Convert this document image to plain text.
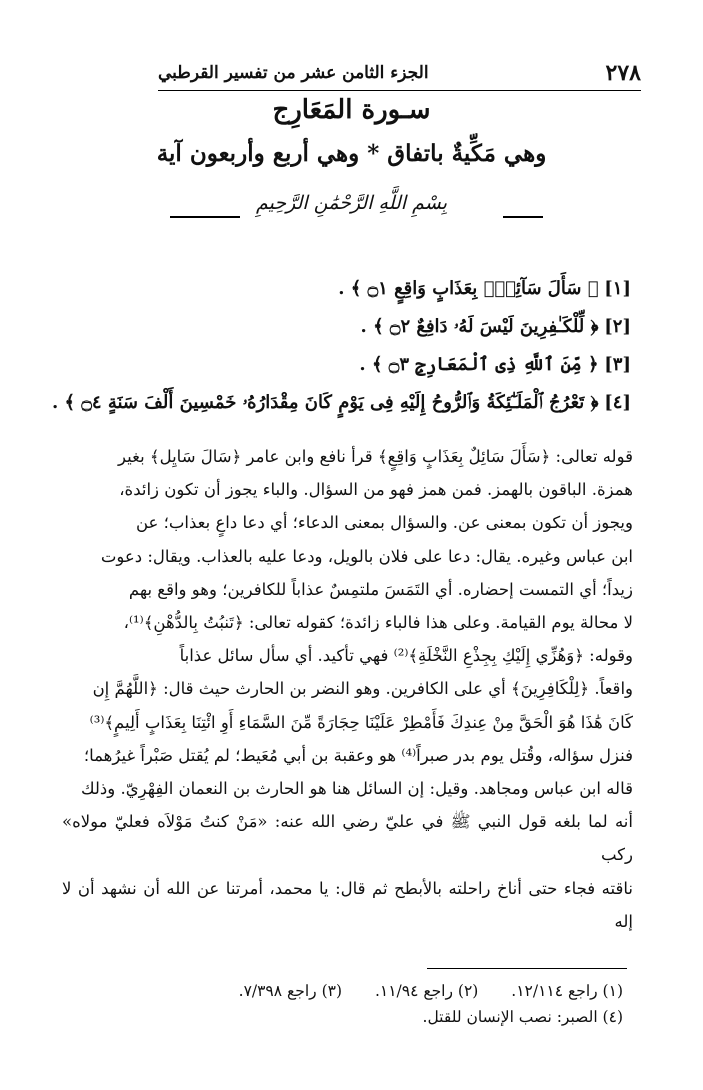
٢٧٨
الجزء الثامن عشر من تفسير القرطبي
سـورة المَعَارِج
وهي مَكِّيةٌ باتفاق * وهي أربع وأربعون آية
بِسْمِ اللَّهِ الرَّحْمَٰنِ الرَّحِيمِ
[١] ﴿ سَأَلَ سَآئِلٌۢ بِعَذَابٍ وَاقِعٍ ۝١ ﴾ .
[٢] ﴿ لِّلْكَـٰفِرِينَ لَيْسَ لَهُۥ دَافِعٌ ۝٢ ﴾ .
[٣] ﴿ مِّنَ ٱللَّهِ ذِى ٱلْمَعَارِجِ ۝٣ ﴾ .
[٤] ﴿ تَعْرُجُ ٱلْمَلَـٰٓئِكَةُ وَٱلرُّوحُ إِلَيْهِ فِى يَوْمٍ كَانَ مِقْدَارُهُۥ خَمْسِينَ أَلْفَ سَنَةٍ ۝٤ ﴾ .
قوله تعالى: ﴿سَأَلَ سَائِلٌ بِعَذَابٍ وَاقِعٍ﴾ قرأ نافع وابن عامر ﴿سَالَ سَايِل﴾ بغير
همزة. الباقون بالهمز. فمن همز فهو من السؤال. والباء يجوز أن تكون زائدة،
ويجوز أن تكون بمعنى عن. والسؤال بمعنى الدعاء؛ أي دعا داعٍ بعذاب؛ عن
ابن عباس وغيره. يقال: دعا على فلان بالويل، ودعا عليه بالعذاب. ويقال: دعوت
زيداً؛ أي التمست إحضاره. أي التَمَسَ ملتمِسٌ عذاباً للكافرين؛ وهو واقع بهم
لا محالة يوم القيامة. وعلى هذا فالباء زائدة؛ كقوله تعالى: ﴿تَنبُتُ بِالدُّهْنِ﴾⁽¹⁾،
وقوله: ﴿وَهُزِّي إِلَيْكِ بِجِذْعِ النَّخْلَةِ﴾⁽²⁾ فهي تأكيد. أي سأل سائل عذاباً
واقعاً. ﴿لِلْكَافِرِينَ﴾ أي على الكافرين. وهو النضر بن الحارث حيث قال: ﴿اللَّهُمَّ إِن
كَانَ هَٰذَا هُوَ الْحَقَّ مِنْ عِندِكَ فَأَمْطِرْ عَلَيْنَا حِجَارَةً مِّنَ السَّمَاءِ أَوِ ائْتِنَا بِعَذَابٍ أَلِيمٍ﴾⁽³⁾
فنزل سؤاله، وقُتل يوم بدر صبراً⁽⁴⁾ هو وعقبة بن أبي مُعَيط؛ لم يُقتل صَبْراً غيرُهما؛
قاله ابن عباس ومجاهد. وقيل: إن السائل هنا هو الحارث بن النعمان الفِهْرِيّ. وذلك
أنه لما بلغه قول النبي ﷺ في عليّ رضي الله عنه: «مَنْ كنتُ مَوْلاَه فعليّ مولاه» ركب
ناقته فجاء حتى أناخ راحلته بالأبطح ثم قال: يا محمد، أمرتنا عن الله أن نشهد أن لا إله
(١) راجع ١٢/١١٤. (٢) راجع ١١/٩٤. (٣) راجع ٧/٣٩٨.
(٤) الصبر: نصب الإنسان للقتل.
